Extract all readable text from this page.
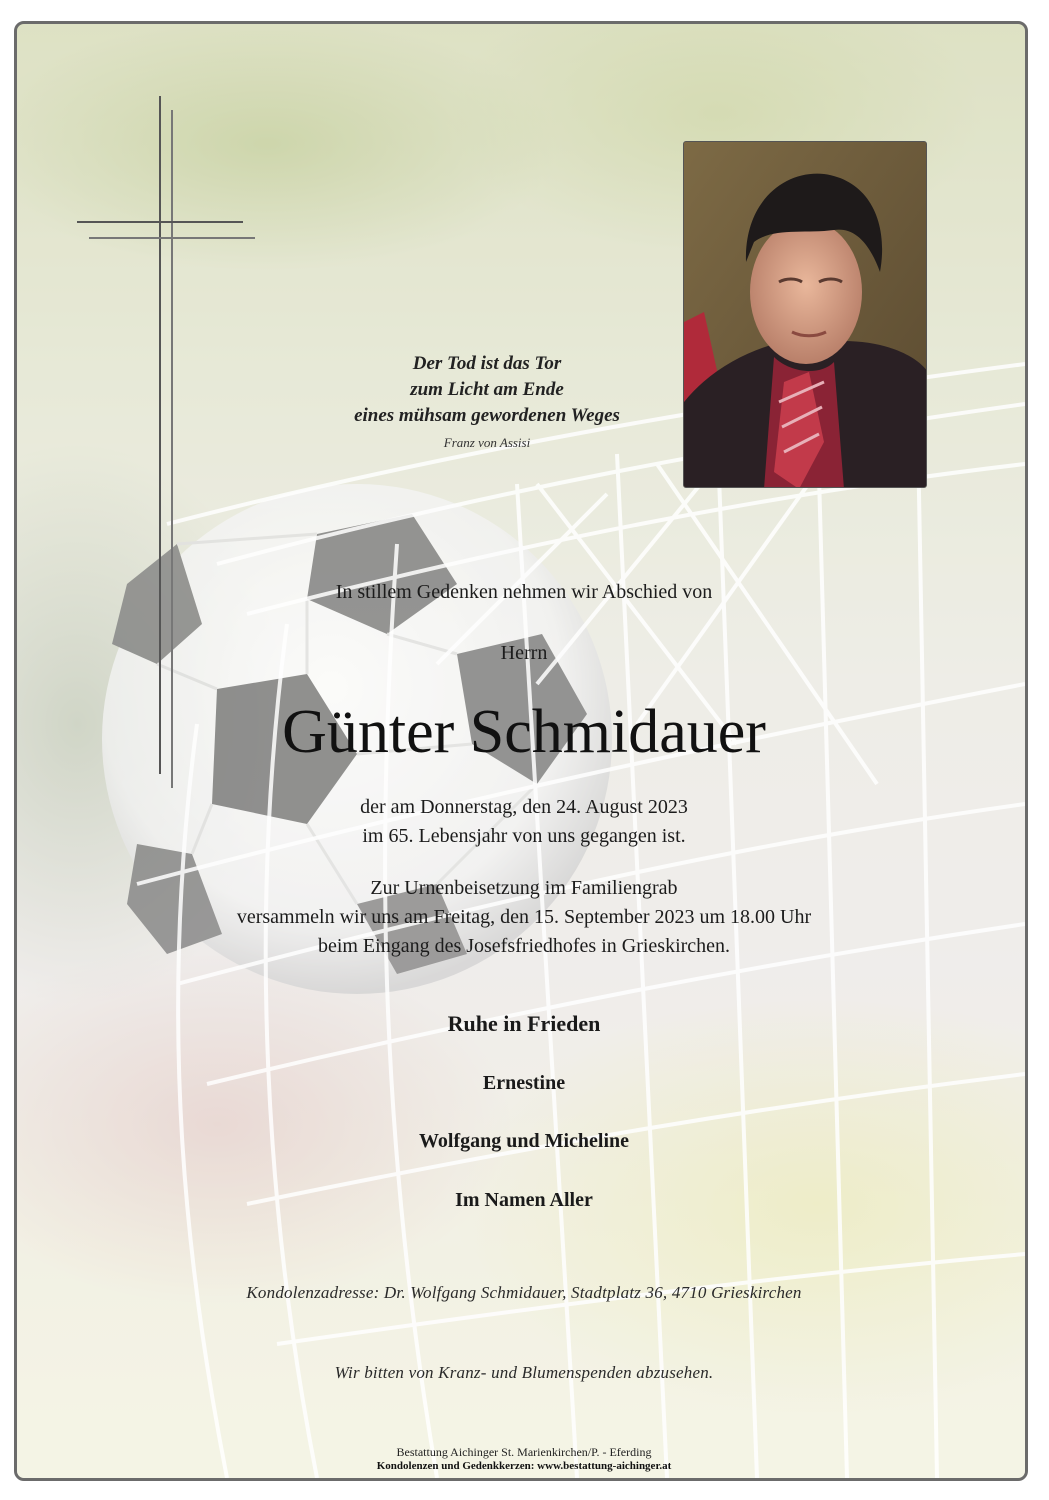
Der Tod ist das Tor
zum Licht am Ende
eines mühsam gewordenen Weges
Franz von Assisi
In stillem Gedenken nehmen wir Abschied von
Herrn
Günter Schmidauer
der am Donnerstag, den 24. August 2023
im 65. Lebensjahr von uns gegangen ist.
Zur Urnenbeisetzung im Familiengrab
versammeln wir uns am Freitag, den 15. September 2023 um 18.00 Uhr
beim Eingang des Josefsfriedhofes in Grieskirchen.
Ruhe in Frieden
Ernestine
Wolfgang und Micheline
Im Namen Aller
Kondolenzadresse: Dr. Wolfgang Schmidauer, Stadtplatz 36, 4710 Grieskirchen
Wir bitten von Kranz- und Blumenspenden abzusehen.
Bestattung Aichinger St. Marienkirchen/P. - Eferding
Kondolenzen und Gedenkkerzen: www.bestattung-aichinger.at
